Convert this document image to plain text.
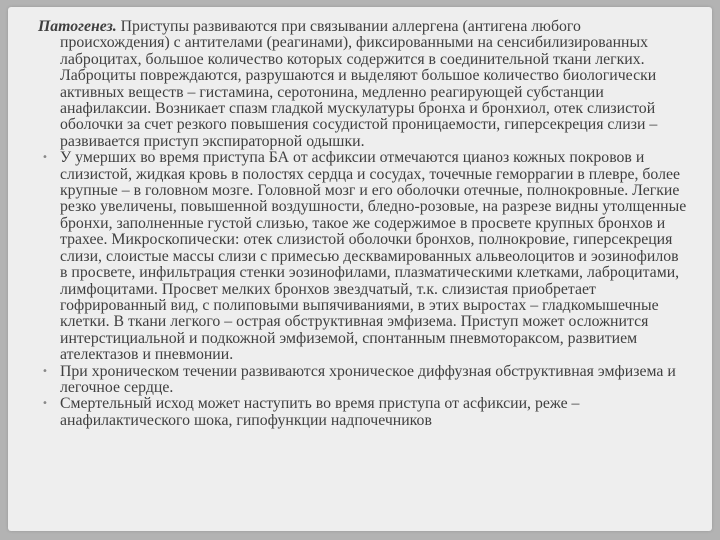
Патогенез. Приступы развиваются при связывании аллергена (антигена любого происхождения) с антителами (реагинами), фиксированными на сенсибилизированных лаброцитах, большое количество которых содержится в соединительной ткани легких. Лаброциты повреждаются, разрушаются и выделяют большое количество биологически активных веществ – гистамина, серотонина, медленно реагирующей субстанции анафилаксии. Возникает спазм гладкой мускулатуры бронха и бронхиол, отек слизистой оболочки за счет резкого повышения сосудистой проницаемости, гиперсекреция слизи – развивается приступ экспираторной одышки.

• У умерших во время приступа БА от асфиксии отмечаются цианоз кожных покровов и слизистой, жидкая кровь в полостях сердца и сосудах, точечные геморрагии в плевре, более крупные – в головном мозге. Головной мозг и его оболочки отечные, полнокровные. Легкие резко увеличены, повышенной воздушности, бледно-розовые, на разрезе видны утолщенные бронхи, заполненные густой слизью, такое же содержимое в просвете крупных бронхов и трахее. Микроскопически: отек слизистой оболочки бронхов, полнокровие, гиперсекреция слизи, слоистые массы слизи с примесью десквамированных альвеолоцитов и эозинофилов в просвете, инфильтрация стенки эозинофилами, плазматическими клетками, лаброцитами, лимфоцитами. Просвет мелких бронхов звездчатый, т.к. слизистая приобретает гофрированный вид, с полиповыми выпячиваниями, в этих выростах – гладкомышечные клетки. В ткани легкого – острая обструктивная эмфизема. Приступ может осложнится интерстициальной и подкожной эмфиземой, спонтанным пневмотораксом, развитием ателектазов и пневмонии.

• При хроническом течении развиваются хроническое диффузная обструктивная эмфизема и легочное сердце.

• Смертельный исход может наступить во время приступа от асфиксии, реже – анафилактического шока, гипофункции надпочечников
